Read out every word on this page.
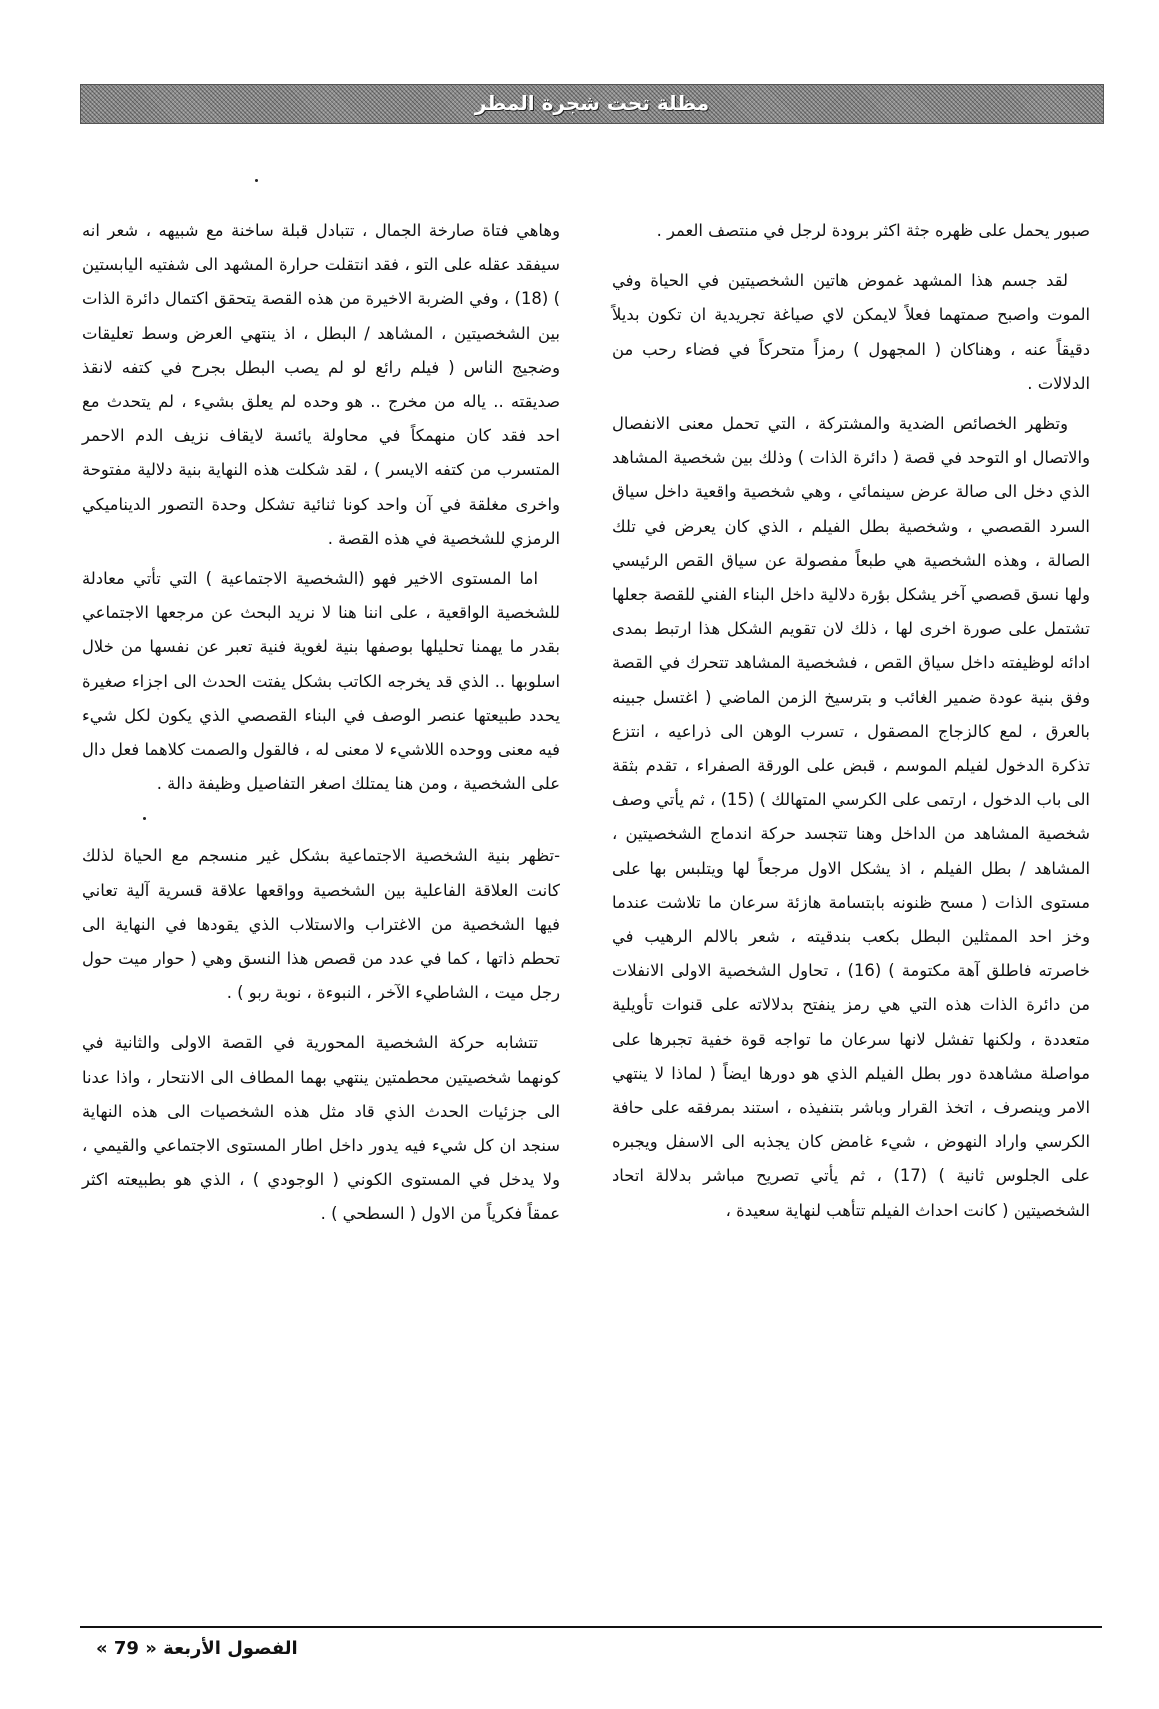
مظلة تحت شجرة المطر

صبور يحمل على ظهره جثة اكثر برودة لرجل في منتصف العمر .

لقد جسم هذا المشهد غموض هاتين الشخصيتين في الحياة وفي الموت واصبح صمتهما فعلاً لايمكن لاي صياغة تجريدية ان تكون بديلاً دقيقاً عنه ، وهناكان ( المجهول ) رمزاً متحركاً في فضاء رحب من الدلالات .

وتظهر الخصائص الضدية والمشتركة ، التي تحمل معنى الانفصال والاتصال او التوحد في قصة ( دائرة الذات ) وذلك بين شخصية المشاهد الذي دخل الى صالة عرض سينمائي ، وهي شخصية واقعية داخل سياق السرد القصصي ، وشخصية بطل الفيلم ، الذي كان يعرض في تلك الصالة ، وهذه الشخصية هي طبعاً مفصولة عن سياق القص الرئيسي ولها نسق قصصي آخر يشكل بؤرة دلالية داخل البناء الفني للقصة جعلها تشتمل على صورة اخرى لها ، ذلك لان تقويم الشكل هذا ارتبط بمدى ادائه لوظيفته داخل سياق القص ، فشخصية المشاهد تتحرك في القصة وفق بنية عودة ضمير الغائب و بترسيخ الزمن الماضي ( اغتسل جبينه بالعرق ، لمع كالزجاج المصقول ، تسرب الوهن الى ذراعيه ، انتزع تذكرة الدخول لفيلم الموسم ، قبض على الورقة الصفراء ، تقدم بثقة الى باب الدخول ، ارتمى على الكرسي المتهالك ) (15) ، ثم يأتي وصف شخصية المشاهد من الداخل وهنا تتجسد حركة اندماج الشخصيتين ، المشاهد / بطل الفيلم ، اذ يشكل الاول مرجعاً لها ويتلبس بها على مستوى الذات ( مسح ظنونه بابتسامة هازئة سرعان ما تلاشت عندما وخز احد الممثلين البطل بكعب بندقيته ، شعر بالالم الرهيب في خاصرته فاطلق آهة مكتومة ) (16) ، تحاول الشخصية الاولى الانفلات من دائرة الذات هذه التي هي رمز ينفتح بدلالاته على قنوات تأويلية متعددة ، ولكنها تفشل لانها سرعان ما تواجه قوة خفية تجبرها على مواصلة مشاهدة دور بطل الفيلم الذي هو دورها ايضاً ( لماذا لا ينتهي الامر وينصرف ، اتخذ القرار وباشر بتنفيذه ، استند بمرفقه على حافة الكرسي واراد النهوض ، شيء غامض كان يجذبه الى الاسفل ويجبره على الجلوس ثانية ) (17) ، ثم يأتي تصريح مباشر بدلالة اتحاد الشخصيتين ( كانت احداث الفيلم تتأهب لنهاية سعيدة ،

وهاهي فتاة صارخة الجمال ، تتبادل قبلة ساخنة مع شبيهه ، شعر انه سيفقد عقله على التو ، فقد انتقلت حرارة المشهد الى شفتيه اليابستين ) (18) ، وفي الضربة الاخيرة من هذه القصة يتحقق اكتمال دائرة الذات بين الشخصيتين ، المشاهد / البطل ، اذ ينتهي العرض وسط تعليقات وضجيج الناس ( فيلم رائع لو لم يصب البطل بجرح في كتفه لانقذ صديقته .. ياله من مخرج .. هو وحده لم يعلق بشيء ، لم يتحدث مع احد فقد كان منهمكاً في محاولة يائسة لايقاف نزيف الدم الاحمر المتسرب من كتفه الايسر ) ، لقد شكلت هذه النهاية بنية دلالية مفتوحة واخرى مغلقة في آن واحد كونا ثنائية تشكل وحدة التصور الديناميكي الرمزي للشخصية في هذه القصة .

اما المستوى الاخير فهو (الشخصية الاجتماعية ) التي تأتي معادلة للشخصية الواقعية ، على اننا هنا لا نريد البحث عن مرجعها الاجتماعي بقدر ما يهمنا تحليلها بوصفها بنية لغوية فنية تعبر عن نفسها من خلال اسلوبها .. الذي قد يخرجه الكاتب بشكل يفتت الحدث الى اجزاء صغيرة يحدد طبيعتها عنصر الوصف في البناء القصصي الذي يكون لكل شيء فيه معنى ووحده اللاشيء لا معنى له ، فالقول والصمت كلاهما فعل دال على الشخصية ، ومن هنا يمتلك اصغر التفاصيل وظيفة دالة .

-تظهر بنية الشخصية الاجتماعية بشكل غير منسجم مع الحياة لذلك كانت العلاقة الفاعلية بين الشخصية وواقعها علاقة قسرية آلية تعاني فيها الشخصية من الاغتراب والاستلاب الذي يقودها في النهاية الى تحطم ذاتها ، كما في عدد من قصص هذا النسق وهي ( حوار ميت حول رجل ميت ، الشاطيء الآخر ، النبوءة ، نوبة ربو ) .

تتشابه حركة الشخصية المحورية في القصة الاولى والثانية في كونهما شخصيتين محطمتين ينتهي بهما المطاف الى الانتحار ، واذا عدنا الى جزئيات الحدث الذي قاد مثل هذه الشخصيات الى هذه النهاية سنجد ان كل شيء فيه يدور داخل اطار المستوى الاجتماعي والقيمي ، ولا يدخل في المستوى الكوني ( الوجودي ) ، الذي هو بطبيعته اكثر عمقاً فكرياً من الاول ( السطحي ) .

الفصول الأربعة « 79 »
